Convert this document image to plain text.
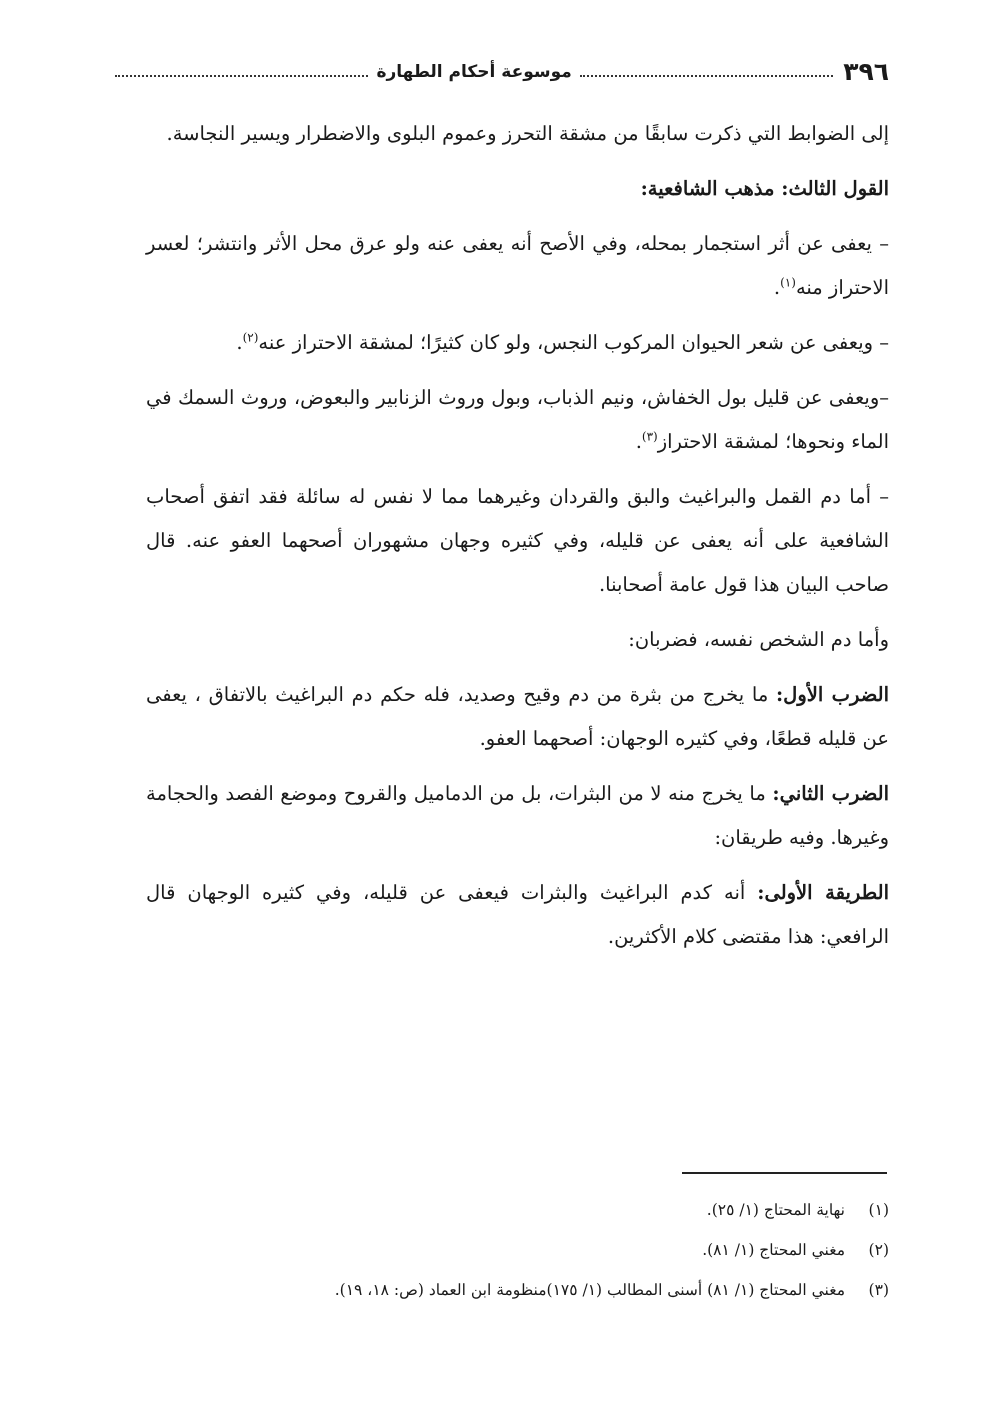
٣٩٦
موسوعة أحكام الطهارة

إلى الضوابط التي ذكرت سابقًا من مشقة التحرز وعموم البلوى والاضطرار ويسير النجاسة.

القول الثالث: مذهب الشافعية:

– يعفى عن أثر استجمار بمحله، وفي الأصح أنه يعفى عنه ولو عرق محل الأثر وانتشر؛ لعسر الاحتراز منه$^{(١)}$.

– ويعفى عن شعر الحيوان المركوب النجس، ولو كان كثيرًا؛ لمشقة الاحتراز عنه$^{(٢)}$.

–ويعفى عن قليل بول الخفاش، ونيم الذباب، وبول وروث الزنابير والبعوض، وروث السمك في الماء ونحوها؛ لمشقة الاحتراز$^{(٣)}$.

– أما دم القمل والبراغيث والبق والقردان وغيرهما مما لا نفس له سائلة فقد اتفق أصحاب الشافعية على أنه يعفى عن قليله، وفي كثيره وجهان مشهوران أصحهما العفو عنه. قال صاحب البيان هذا قول عامة أصحابنا.

وأما دم الشخص نفسه، فضربان:

الضرب الأول: ما يخرج من بثرة من دم وقيح وصديد، فله حكم دم البراغيث بالاتفاق ، يعفى عن قليله قطعًا، وفي كثيره الوجهان: أصحهما العفو.

الضرب الثاني: ما يخرج منه لا من البثرات، بل من الدماميل والقروح وموضع الفصد والحجامة وغيرها. وفيه طريقان:

الطريقة الأولى: أنه كدم البراغيث والبثرات فيعفى عن قليله، وفي كثيره الوجهان قال الرافعي: هذا مقتضى كلام الأكثرين.

(١)
نهاية المحتاج (١/ ٢٥).
(٢)
مغني المحتاج (١/ ٨١).
(٣)
مغني المحتاج (١/ ٨١) أسنى المطالب (١/ ١٧٥)منظومة ابن العماد (ص: ١٨، ١٩).
